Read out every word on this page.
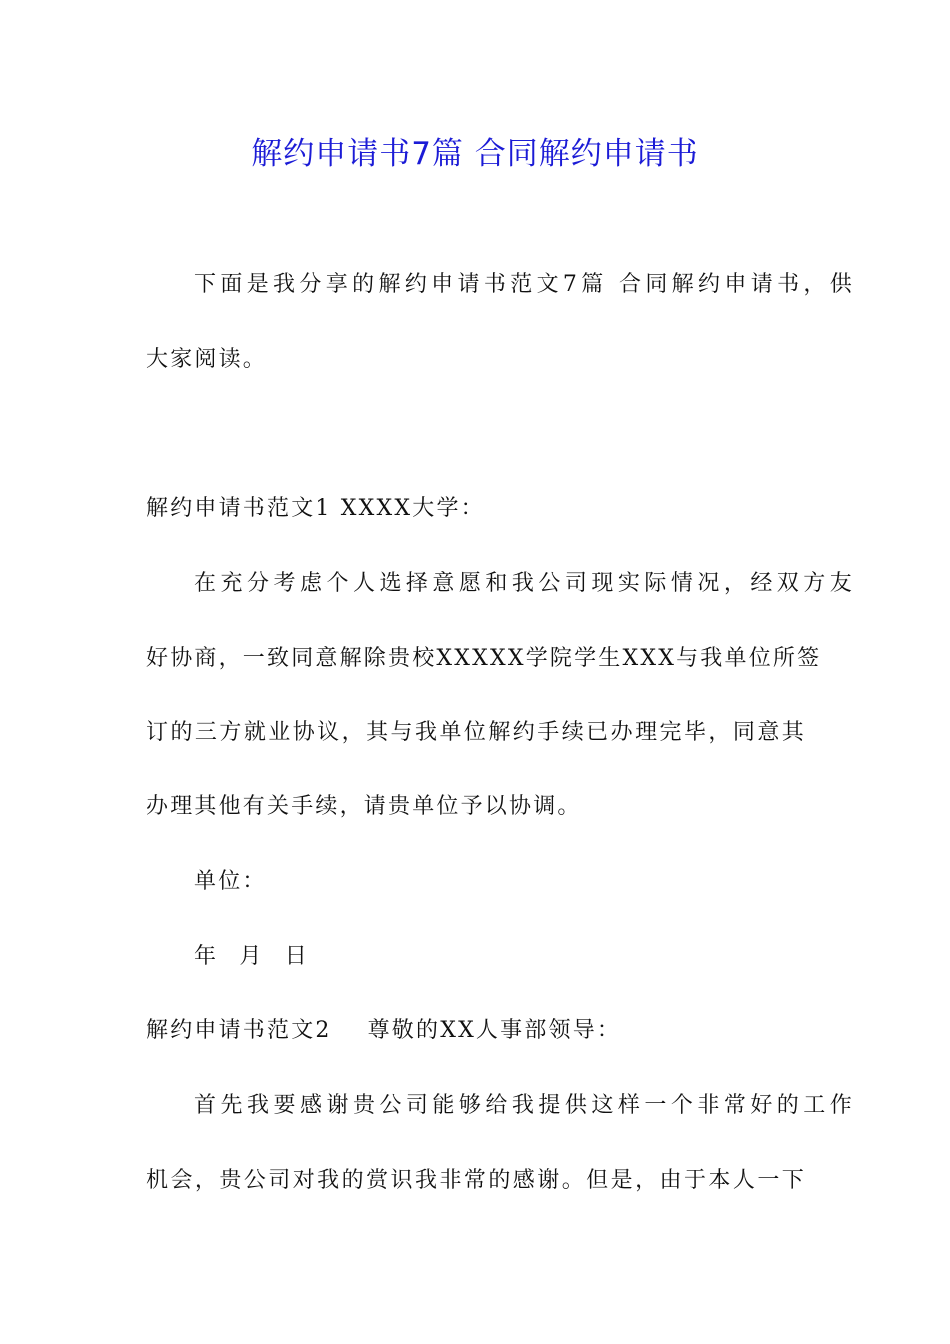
解约申请书7篇 合同解约申请书

下面是我分享的解约申请书范文7篇 合同解约申请书，供

大家阅读。

解约申请书范文1 XXXX大学：

在充分考虑个人选择意愿和我公司现实际情况，经双方友

好协商，一致同意解除贵校XXXXX学院学生XXX与我单位所签

订的三方就业协议，其与我单位解约手续已办理完毕，同意其

办理其他有关手续，请贵单位予以协调。

单位：

年 月 日

解约申请书范文2 尊敬的XX人事部领导：

首先我要感谢贵公司能够给我提供这样一个非常好的工作

机会，贵公司对我的赏识我非常的感谢。但是，由于本人一下
